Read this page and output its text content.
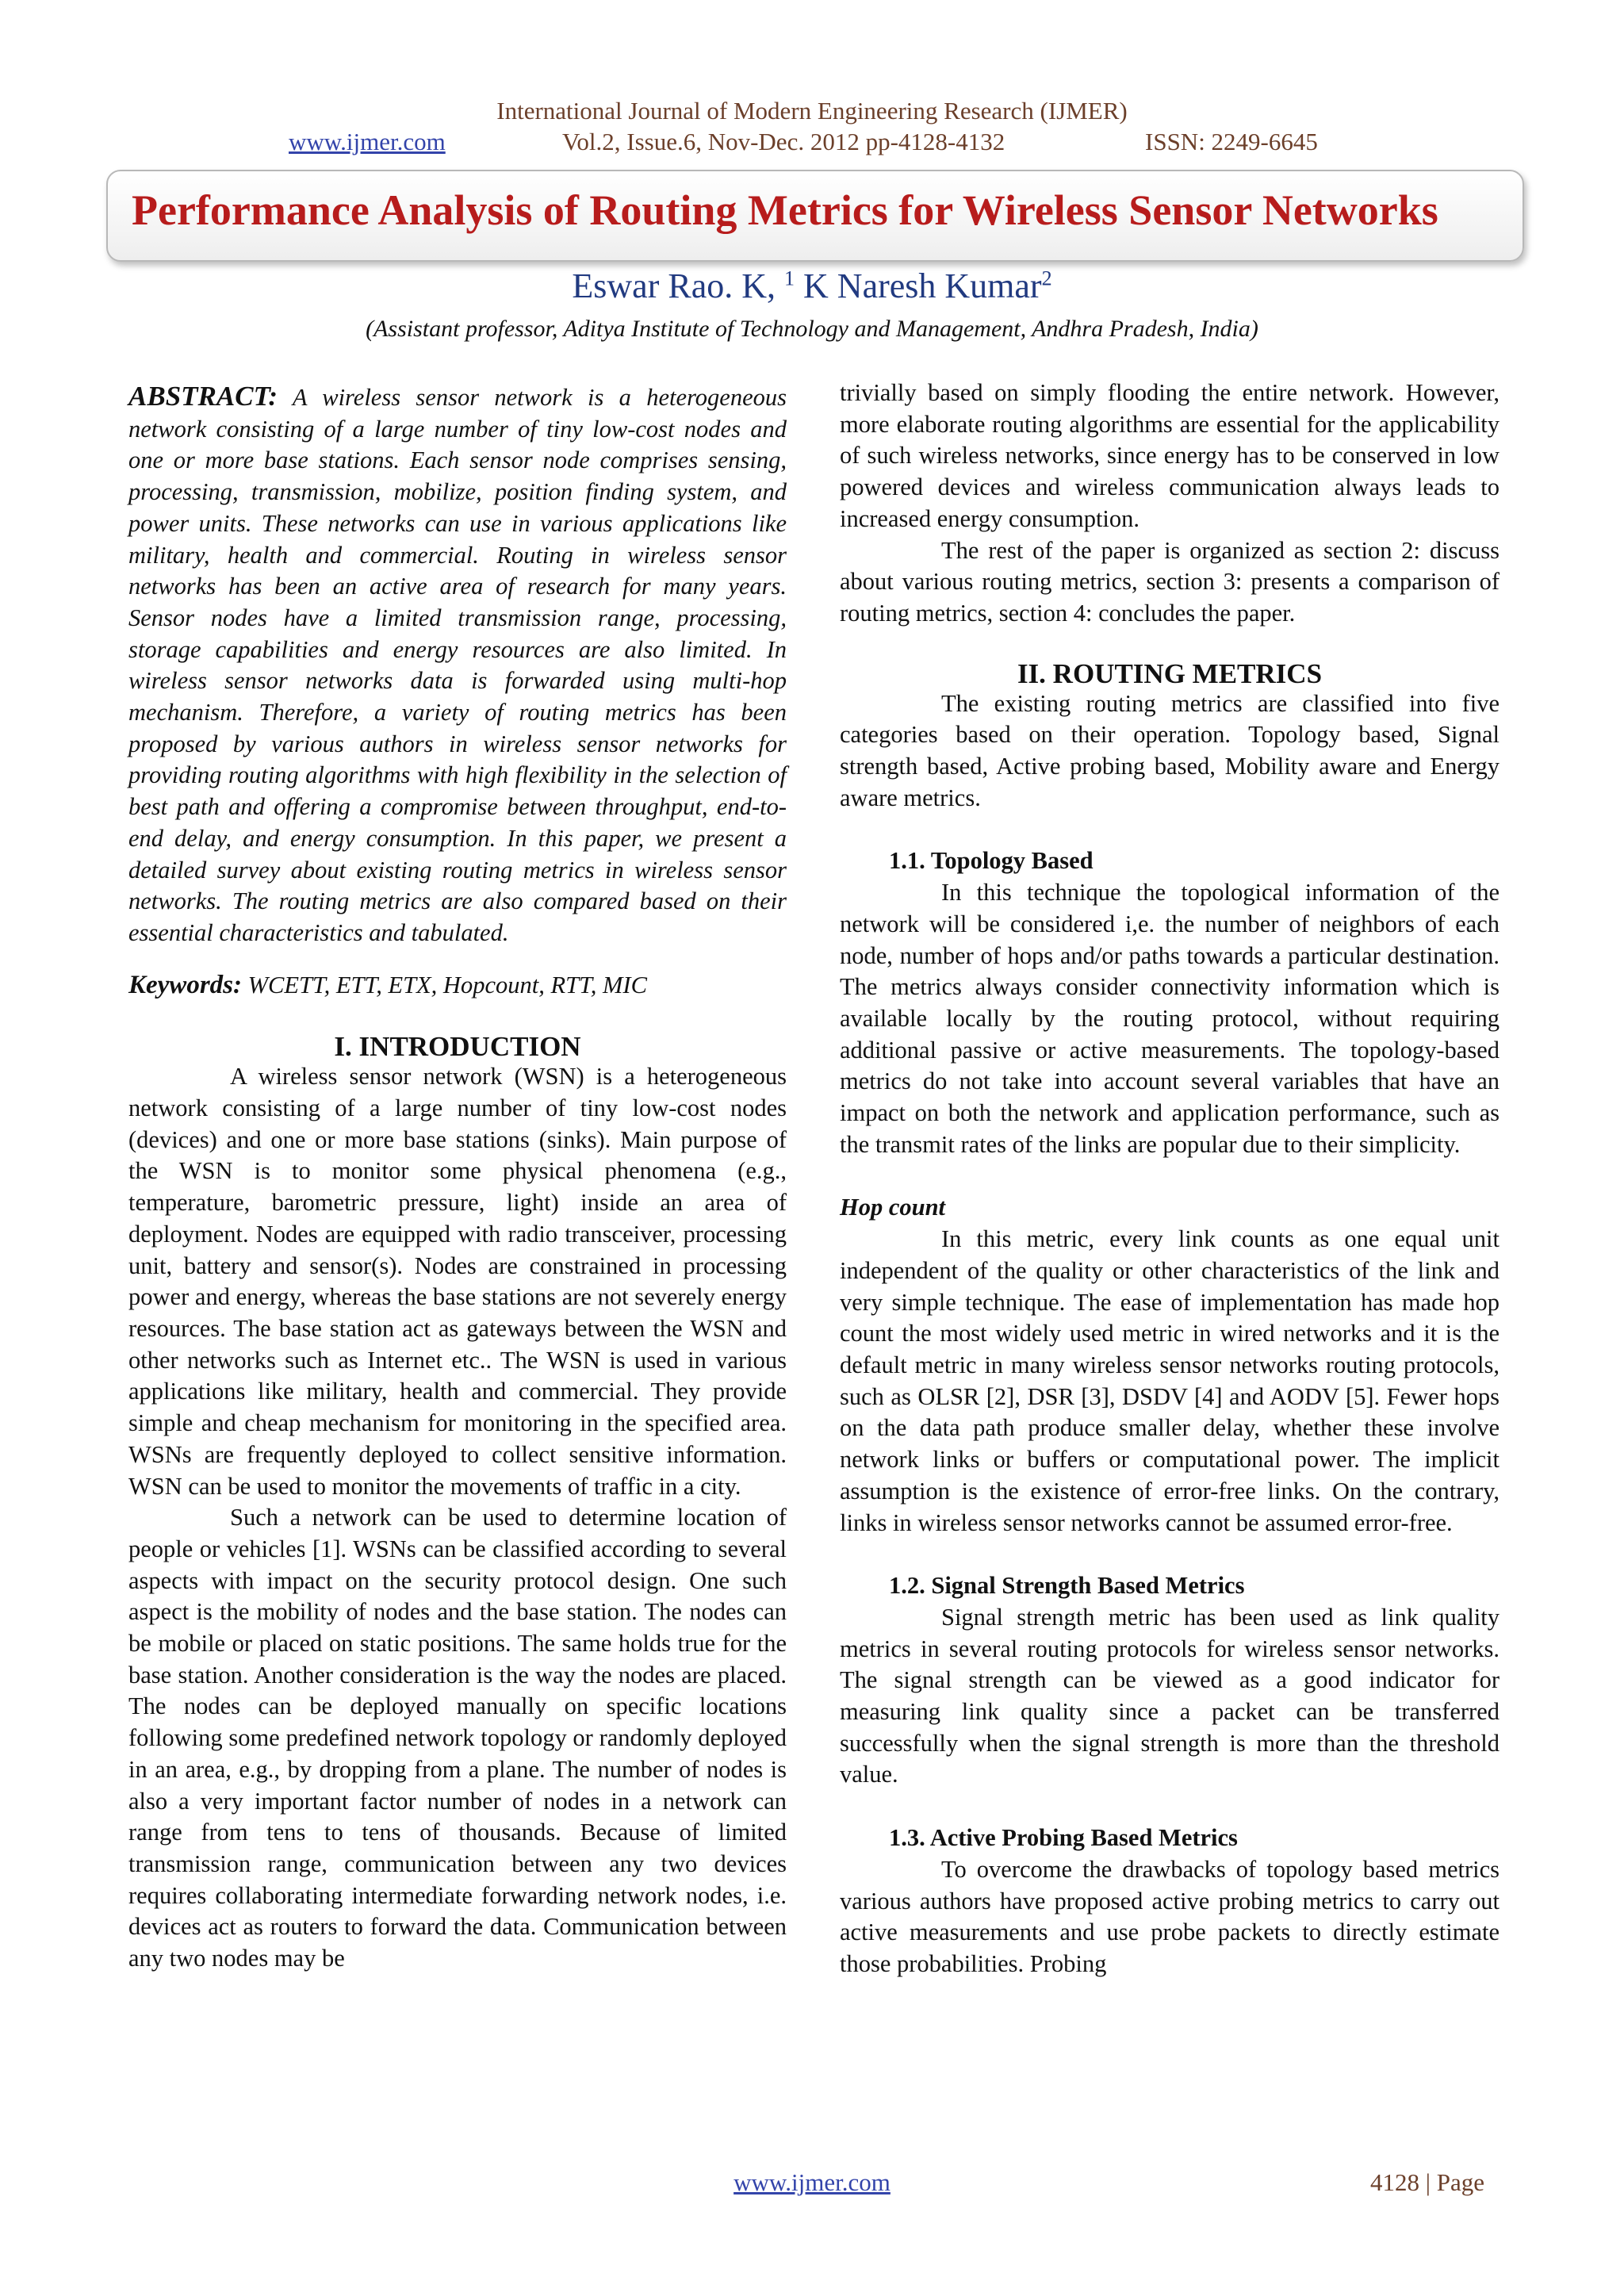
International Journal of Modern Engineering Research (IJMER)
www.ijmer.com	Vol.2, Issue.6, Nov-Dec. 2012 pp-4128-4132	ISSN: 2249-6645
Performance Analysis of Routing Metrics for Wireless Sensor Networks
Eswar Rao. K, $^1$ K Naresh Kumar$^2$
(Assistant professor, Aditya Institute of Technology and Management, Andhra Pradesh, India)

ABSTRACT: A wireless sensor network is a heterogeneous network consisting of a large number of tiny low-cost nodes and one or more base stations. Each sensor node comprises sensing, processing, transmission, mobilize, position finding system, and power units. These networks can use in various applications like military, health and commercial. Routing in wireless sensor networks has been an active area of research for many years. Sensor nodes have a limited transmission range, processing, storage capabilities and energy resources are also limited. In wireless sensor networks data is forwarded using multi-hop mechanism. Therefore, a variety of routing metrics has been proposed by various authors in wireless sensor networks for providing routing algorithms with high flexibility in the selection of best path and offering a compromise between throughput, end-to-end delay, and energy consumption. In this paper, we present a detailed survey about existing routing metrics in wireless sensor networks. The routing metrics are also compared based on their essential characteristics and tabulated.

Keywords: WCETT, ETT, ETX, Hopcount, RTT, MIC

I. INTRODUCTION

A wireless sensor network (WSN) is a heterogeneous network consisting of a large number of tiny low-cost nodes (devices) and one or more base stations (sinks). Main purpose of the WSN is to monitor some physical phenomena (e.g., temperature, barometric pressure, light) inside an area of deployment. Nodes are equipped with radio transceiver, processing unit, battery and sensor(s). Nodes are constrained in processing power and energy, whereas the base stations are not severely energy resources. The base station act as gateways between the WSN and other networks such as Internet etc.. The WSN is used in various applications like military, health and commercial. They provide simple and cheap mechanism for monitoring in the specified area. WSNs are frequently deployed to collect sensitive information. WSN can be used to monitor the movements of traffic in a city.

Such a network can be used to determine location of people or vehicles [1]. WSNs can be classified according to several aspects with impact on the security protocol design. One such aspect is the mobility of nodes and the base station. The nodes can be mobile or placed on static positions. The same holds true for the base station. Another consideration is the way the nodes are placed. The nodes can be deployed manually on specific locations following some predefined network topology or randomly deployed in an area, e.g., by dropping from a plane. The number of nodes is also a very important factor number of nodes in a network can range from tens to tens of thousands. Because of limited transmission range, communication between any two devices requires collaborating intermediate forwarding network nodes, i.e. devices act as routers to forward the data. Communication between any two nodes may be

trivially based on simply flooding the entire network. However, more elaborate routing algorithms are essential for the applicability of such wireless networks, since energy has to be conserved in low powered devices and wireless communication always leads to increased energy consumption.

The rest of the paper is organized as section 2: discuss about various routing metrics, section 3: presents a comparison of routing metrics, section 4: concludes the paper.

II. ROUTING METRICS

The existing routing metrics are classified into five categories based on their operation. Topology based, Signal strength based, Active probing based, Mobility aware and Energy aware metrics.

1.1. Topology Based

In this technique the topological information of the network will be considered i,e. the number of neighbors of each node, number of hops and/or paths towards a particular destination. The metrics always consider connectivity information which is available locally by the routing protocol, without requiring additional passive or active measurements. The topology-based metrics do not take into account several variables that have an impact on both the network and application performance, such as the transmit rates of the links are popular due to their simplicity.

Hop count

In this metric, every link counts as one equal unit independent of the quality or other characteristics of the link and very simple technique. The ease of implementation has made hop count the most widely used metric in wired networks and it is the default metric in many wireless sensor networks routing protocols, such as OLSR [2], DSR [3], DSDV [4] and AODV [5]. Fewer hops on the data path produce smaller delay, whether these involve network links or buffers or computational power. The implicit assumption is the existence of error-free links. On the contrary, links in wireless sensor networks cannot be assumed error-free.

1.2. Signal Strength Based Metrics

Signal strength metric has been used as link quality metrics in several routing protocols for wireless sensor networks. The signal strength can be viewed as a good indicator for measuring link quality since a packet can be transferred successfully when the signal strength is more than the threshold value.

1.3. Active Probing Based Metrics

To overcome the drawbacks of topology based metrics various authors have proposed active probing metrics to carry out active measurements and use probe packets to directly estimate those probabilities. Probing

www.ijmer.com	4128 | Page
